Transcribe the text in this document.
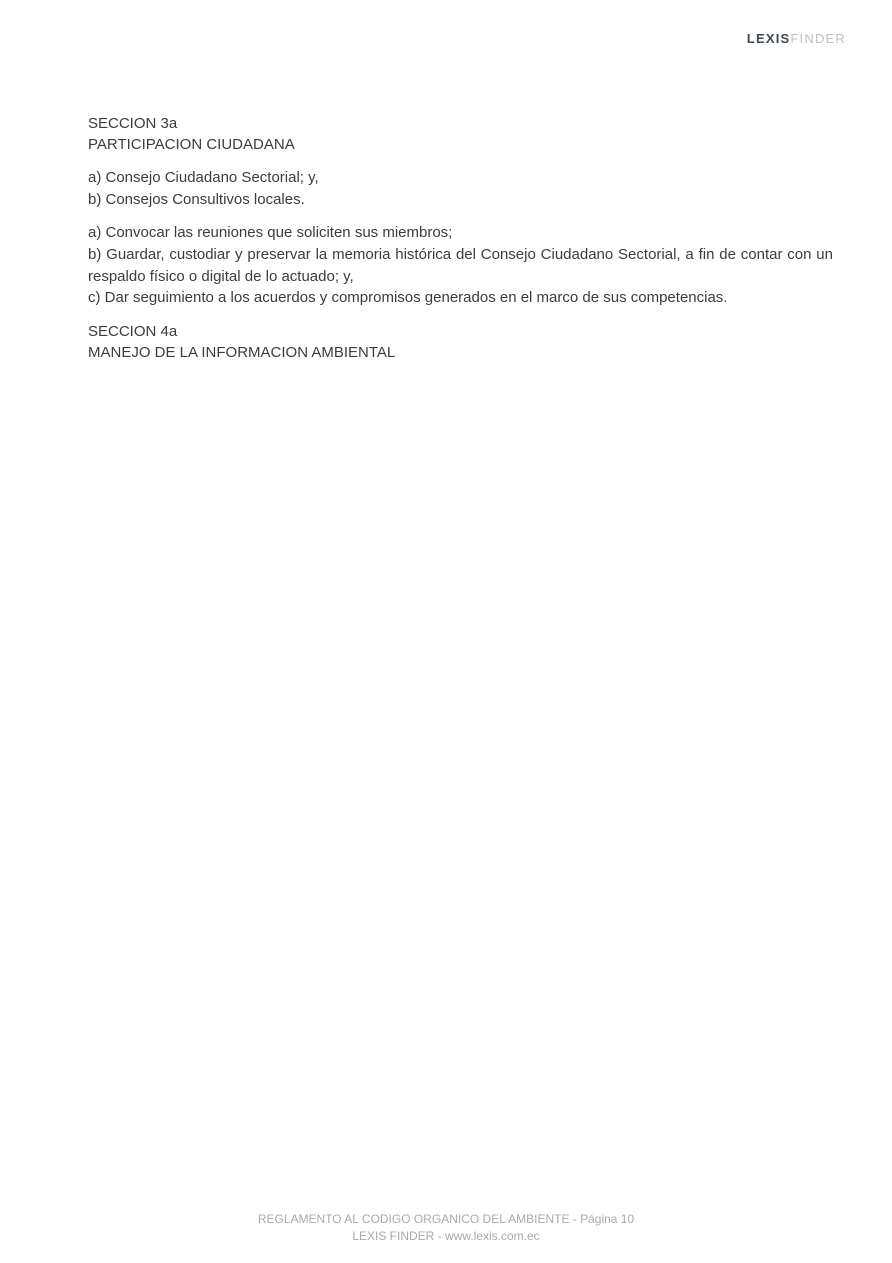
LEXISFINDER

SECCION 3a

PARTICIPACION CIUDADANA

a) Consejo Ciudadano Sectorial; y,

b) Consejos Consultivos locales.

a) Convocar las reuniones que soliciten sus miembros;

b) Guardar, custodiar y preservar la memoria histórica del Consejo Ciudadano Sectorial, a fin de contar con un respaldo físico o digital de lo actuado; y,

c) Dar seguimiento a los acuerdos y compromisos generados en el marco de sus competencias.

SECCION 4a

MANEJO DE LA INFORMACION AMBIENTAL

REGLAMENTO AL CODIGO ORGANICO DEL AMBIENTE - Página 10
LEXIS FINDER - www.lexis.com.ec
